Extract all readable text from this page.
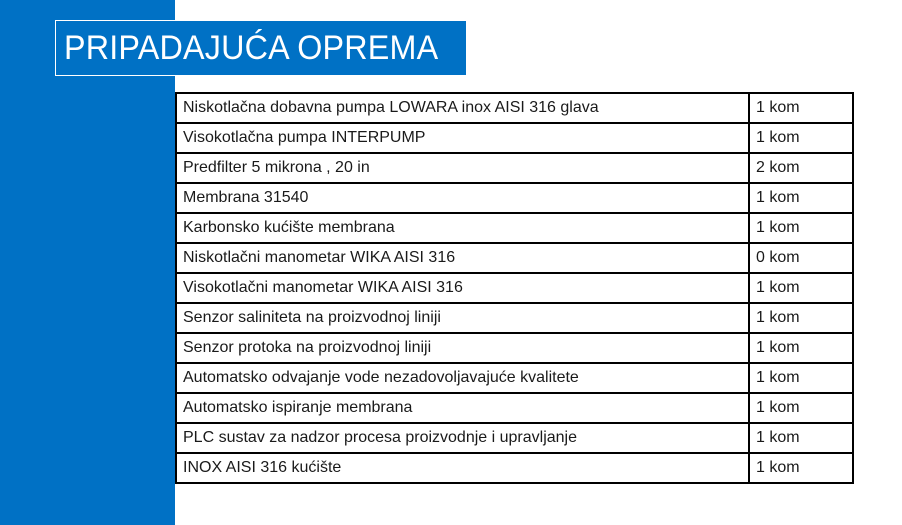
PRIPADAJUĆA OPREMA
Niskotlačna dobavna pumpa LOWARA inox AISI 316 glava	1 kom
Visokotlačna pumpa INTERPUMP	1 kom
Predfilter 5 mikrona , 20 in	2 kom
Membrana 31540	1 kom
Karbonsko kućište membrana	1 kom
Niskotlačni manometar WIKA AISI 316	0 kom
Visokotlačni manometar WIKA AISI 316	1 kom
Senzor saliniteta na proizvodnoj liniji	1 kom
Senzor protoka na proizvodnoj liniji	1 kom
Automatsko odvajanje vode nezadovoljavajuće kvalitete	1 kom
Automatsko ispiranje membrana	1 kom
PLC sustav za nadzor procesa proizvodnje i upravljanje	1 kom
INOX AISI 316 kućište	1 kom
